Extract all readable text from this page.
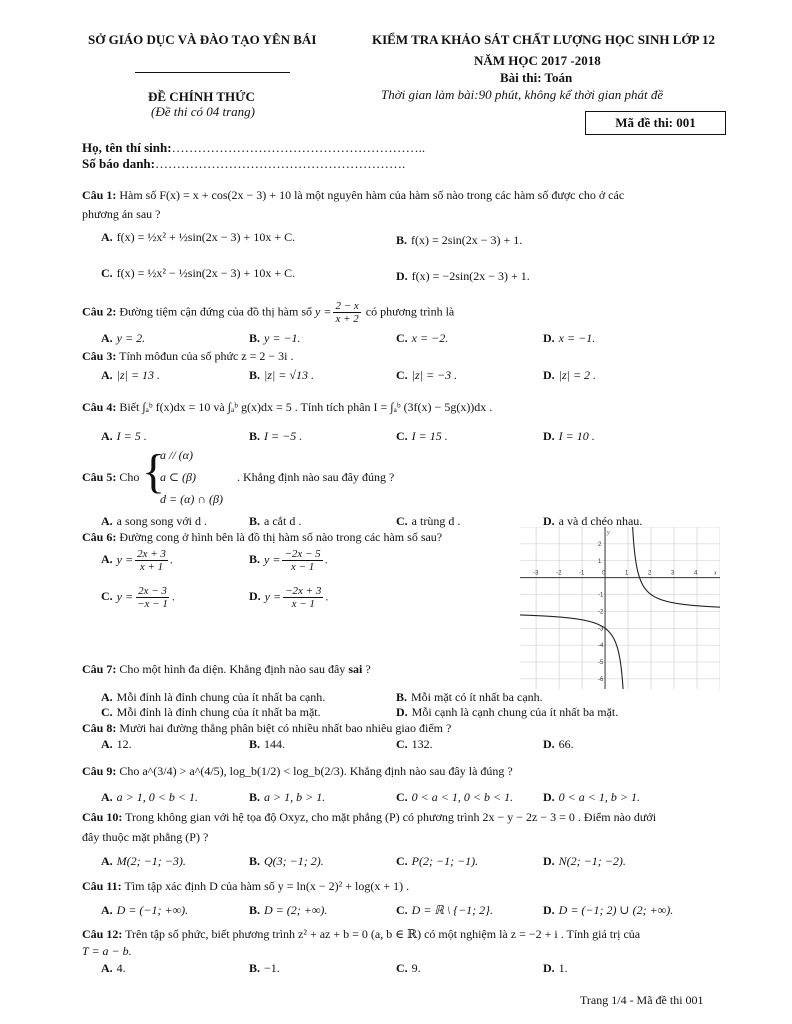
SỞ GIÁO DỤC VÀ ĐÀO TẠO YÊN BÁI	KIỂM TRA KHẢO SÁT CHẤT LƯỢNG HỌC SINH LỚP 12
NĂM HỌC 2017 -2018
Bài thi: Toán
Thời gian làm bài:90 phút, không kể thời gian phát đề
ĐỀ CHÍNH THỨC
(Đề thi có 04 trang)
Mã đề thi: 001
Họ, tên thí sinh:…………………………………………………..
Số báo danh:………………………………………………….
Câu 1: Hàm số F(x) = x + cos(2x − 3) + 10 là một nguyên hàm của hàm số nào trong các hàm số được cho ở các
phương án sau ?
A. f(x) = ½x² + ½sin(2x − 3) + 10x + C.	B. f(x) = 2sin(2x − 3) + 1.
C. f(x) = ½x² − ½sin(2x − 3) + 10x + C.	D. f(x) = −2sin(2x − 3) + 1.
Câu 2: Đường tiệm cận đứng của đồ thị hàm số $y = \frac{2 - x}{x + 2}$ có phương trình là
A. y = 2.	B. y = −1.	C. x = −2.	D. x = −1.
Câu 3: Tính môđun của số phức z = 2 − 3i .
A. |z| = 13 .	B. |z| = √13 .	C. |z| = −3 .	D. |z| = 2 .
Câu 4: Biết ∫ₐᵇ f(x)dx = 10 và ∫ₐᵇ g(x)dx = 5 . Tính tích phân I = ∫ₐᵇ (3f(x) − 5g(x))dx .
A. I = 5 .	B. I = −5 .	C. I = 15 .	D. I = 10 .
Câu 5: Cho {
a // (α)
a ⊂ (β)
d = (α) ∩ (β)
. Khẳng định nào sau đây đúng ?
A. a song song với d .	B. a cắt d .	C. a trùng d .	D. a và d chéo nhau.
Câu 6: Đường cong ở hình bên là đồ thị hàm số nào trong các hàm số sau?
A. $y = \frac{2x + 3}{x + 1}$ .	B. $y = \frac{-2x - 5}{x - 1}$ .
C. $y = \frac{2x - 3}{-x - 1}$ .	D. $y = \frac{-2x + 3}{x - 1}$ .
-3	-2	-1	0	1	2	3	4
2
1
-1
-2
-3
-4
-5
-6
x
y
Câu 7: Cho một hình đa diện. Khẳng định nào sau đây sai ?
A. Mỗi đỉnh là đỉnh chung của ít nhất ba cạnh.	B. Mỗi mặt có ít nhất ba cạnh.
C. Mỗi đỉnh là đỉnh chung của ít nhất ba mặt.	D. Mỗi cạnh là cạnh chung của ít nhất ba mặt.
Câu 8: Mười hai đường thẳng phân biệt có nhiều nhất bao nhiêu giao điểm ?
A. 12.	B. 144.	C. 132.	D. 66.
Câu 9: Cho a^(3/4) > a^(4/5), log_b(1/2) < log_b(2/3). Khẳng định nào sau đây là đúng ?
A. a > 1, 0 < b < 1.	B. a > 1, b > 1.	C. 0 < a < 1, 0 < b < 1. D. 0 < a < 1, b > 1.
Câu 10: Trong không gian với hệ tọa độ Oxyz, cho mặt phẳng (P) có phương trình 2x − y − 2z − 3 = 0 . Điểm nào dưới
đây thuộc mặt phẳng (P) ?
A. M(2; −1; −3).	B. Q(3; −1; 2).	C. P(2; −1; −1).	D. N(2; −1; −2).
Câu 11: Tìm tập xác định D của hàm số y = ln(x − 2)² + log(x + 1) .
A. D = (−1; +∞).	B. D = (2; +∞).	C. D = ℝ \ {−1; 2}.	D. D = (−1; 2) ∪ (2; +∞).
Câu 12: Trên tập số phức, biết phương trình z² + az + b = 0 (a, b ∈ ℝ) có một nghiệm là z = −2 + i . Tính giá trị của
T = a − b.
A. 4.	B. −1.	C. 9.	D. 1.
Trang 1/4 - Mã đề thi 001
